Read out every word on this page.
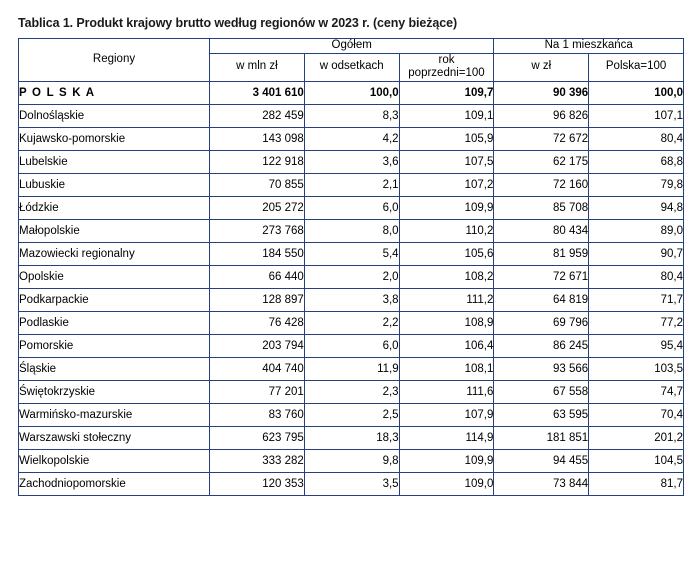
Tablica 1. Produkt krajowy brutto według regionów w 2023 r. (ceny bieżące)
Regiony	Ogółem			Na 1 mieszkańca	
	w mln zł	w odsetkach	rok poprzedni=100	w zł	Polska=100
P O L S K A	3 401 610	100,0	109,7	90 396	100,0
Dolnośląskie	282 459	8,3	109,1	96 826	107,1
Kujawsko-pomorskie	143 098	4,2	105,9	72 672	80,4
Lubelskie	122 918	3,6	107,5	62 175	68,8
Lubuskie	70 855	2,1	107,2	72 160	79,8
Łódzkie	205 272	6,0	109,9	85 708	94,8
Małopolskie	273 768	8,0	110,2	80 434	89,0
Mazowiecki regionalny	184 550	5,4	105,6	81 959	90,7
Opolskie	66 440	2,0	108,2	72 671	80,4
Podkarpackie	128 897	3,8	111,2	64 819	71,7
Podlaskie	76 428	2,2	108,9	69 796	77,2
Pomorskie	203 794	6,0	106,4	86 245	95,4
Śląskie	404 740	11,9	108,1	93 566	103,5
Świętokrzyskie	77 201	2,3	111,6	67 558	74,7
Warmińsko-mazurskie	83 760	2,5	107,9	63 595	70,4
Warszawski stołeczny	623 795	18,3	114,9	181 851	201,2
Wielkopolskie	333 282	9,8	109,9	94 455	104,5
Zachodniopomorskie	120 353	3,5	109,0	73 844	81,7
